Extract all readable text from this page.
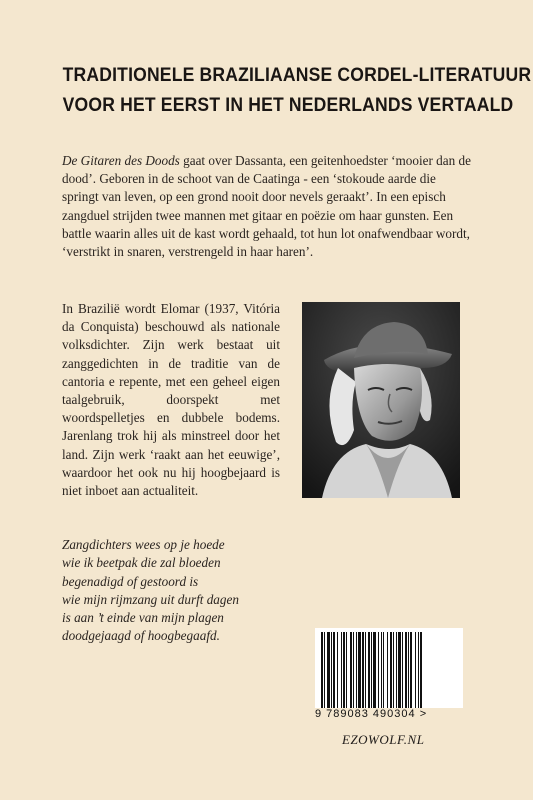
TRADITIONELE BRAZILIAANSE CORDEL-LITERATUUR
VOOR HET EERST IN HET NEDERLANDS VERTAALD

De Gitaren des Doods gaat over Dassanta, een geitenhoedster ‘mooier dan de dood’. Geboren in de schoot van de Caatinga - een ‘stokoude aarde die springt van leven, op een grond nooit door nevels geraakt’. In een episch zangduel strijden twee mannen met gitaar en poëzie om haar gunsten. Een battle waarin alles uit de kast wordt gehaald, tot hun lot onafwendbaar wordt, ‘verstrikt in snaren, verstrengeld in haar haren’.

In Brazilië wordt Elomar (1937, Vitória da Conquista) beschouwd als nationale volksdichter. Zijn werk bestaat uit zanggedichten in de traditie van de cantoria e repente, met een geheel eigen taalgebruik, doorspekt met woordspelletjes en dubbele bodems. Jarenlang trok hij als minstreel door het land. Zijn werk ‘raakt aan het eeuwige’, waardoor het ook nu hij hoogbejaard is niet inboet aan actualiteit.

Zangdichters wees op je hoede
wie ik beetpak die zal bloeden
begenadigd of gestoord is
wie mijn rijmzang uit durft dagen
is aan ’t einde van mijn plagen
doodgejaagd of hoogbegaafd.
9 789083 490304 >
EZOWOLF.NL
